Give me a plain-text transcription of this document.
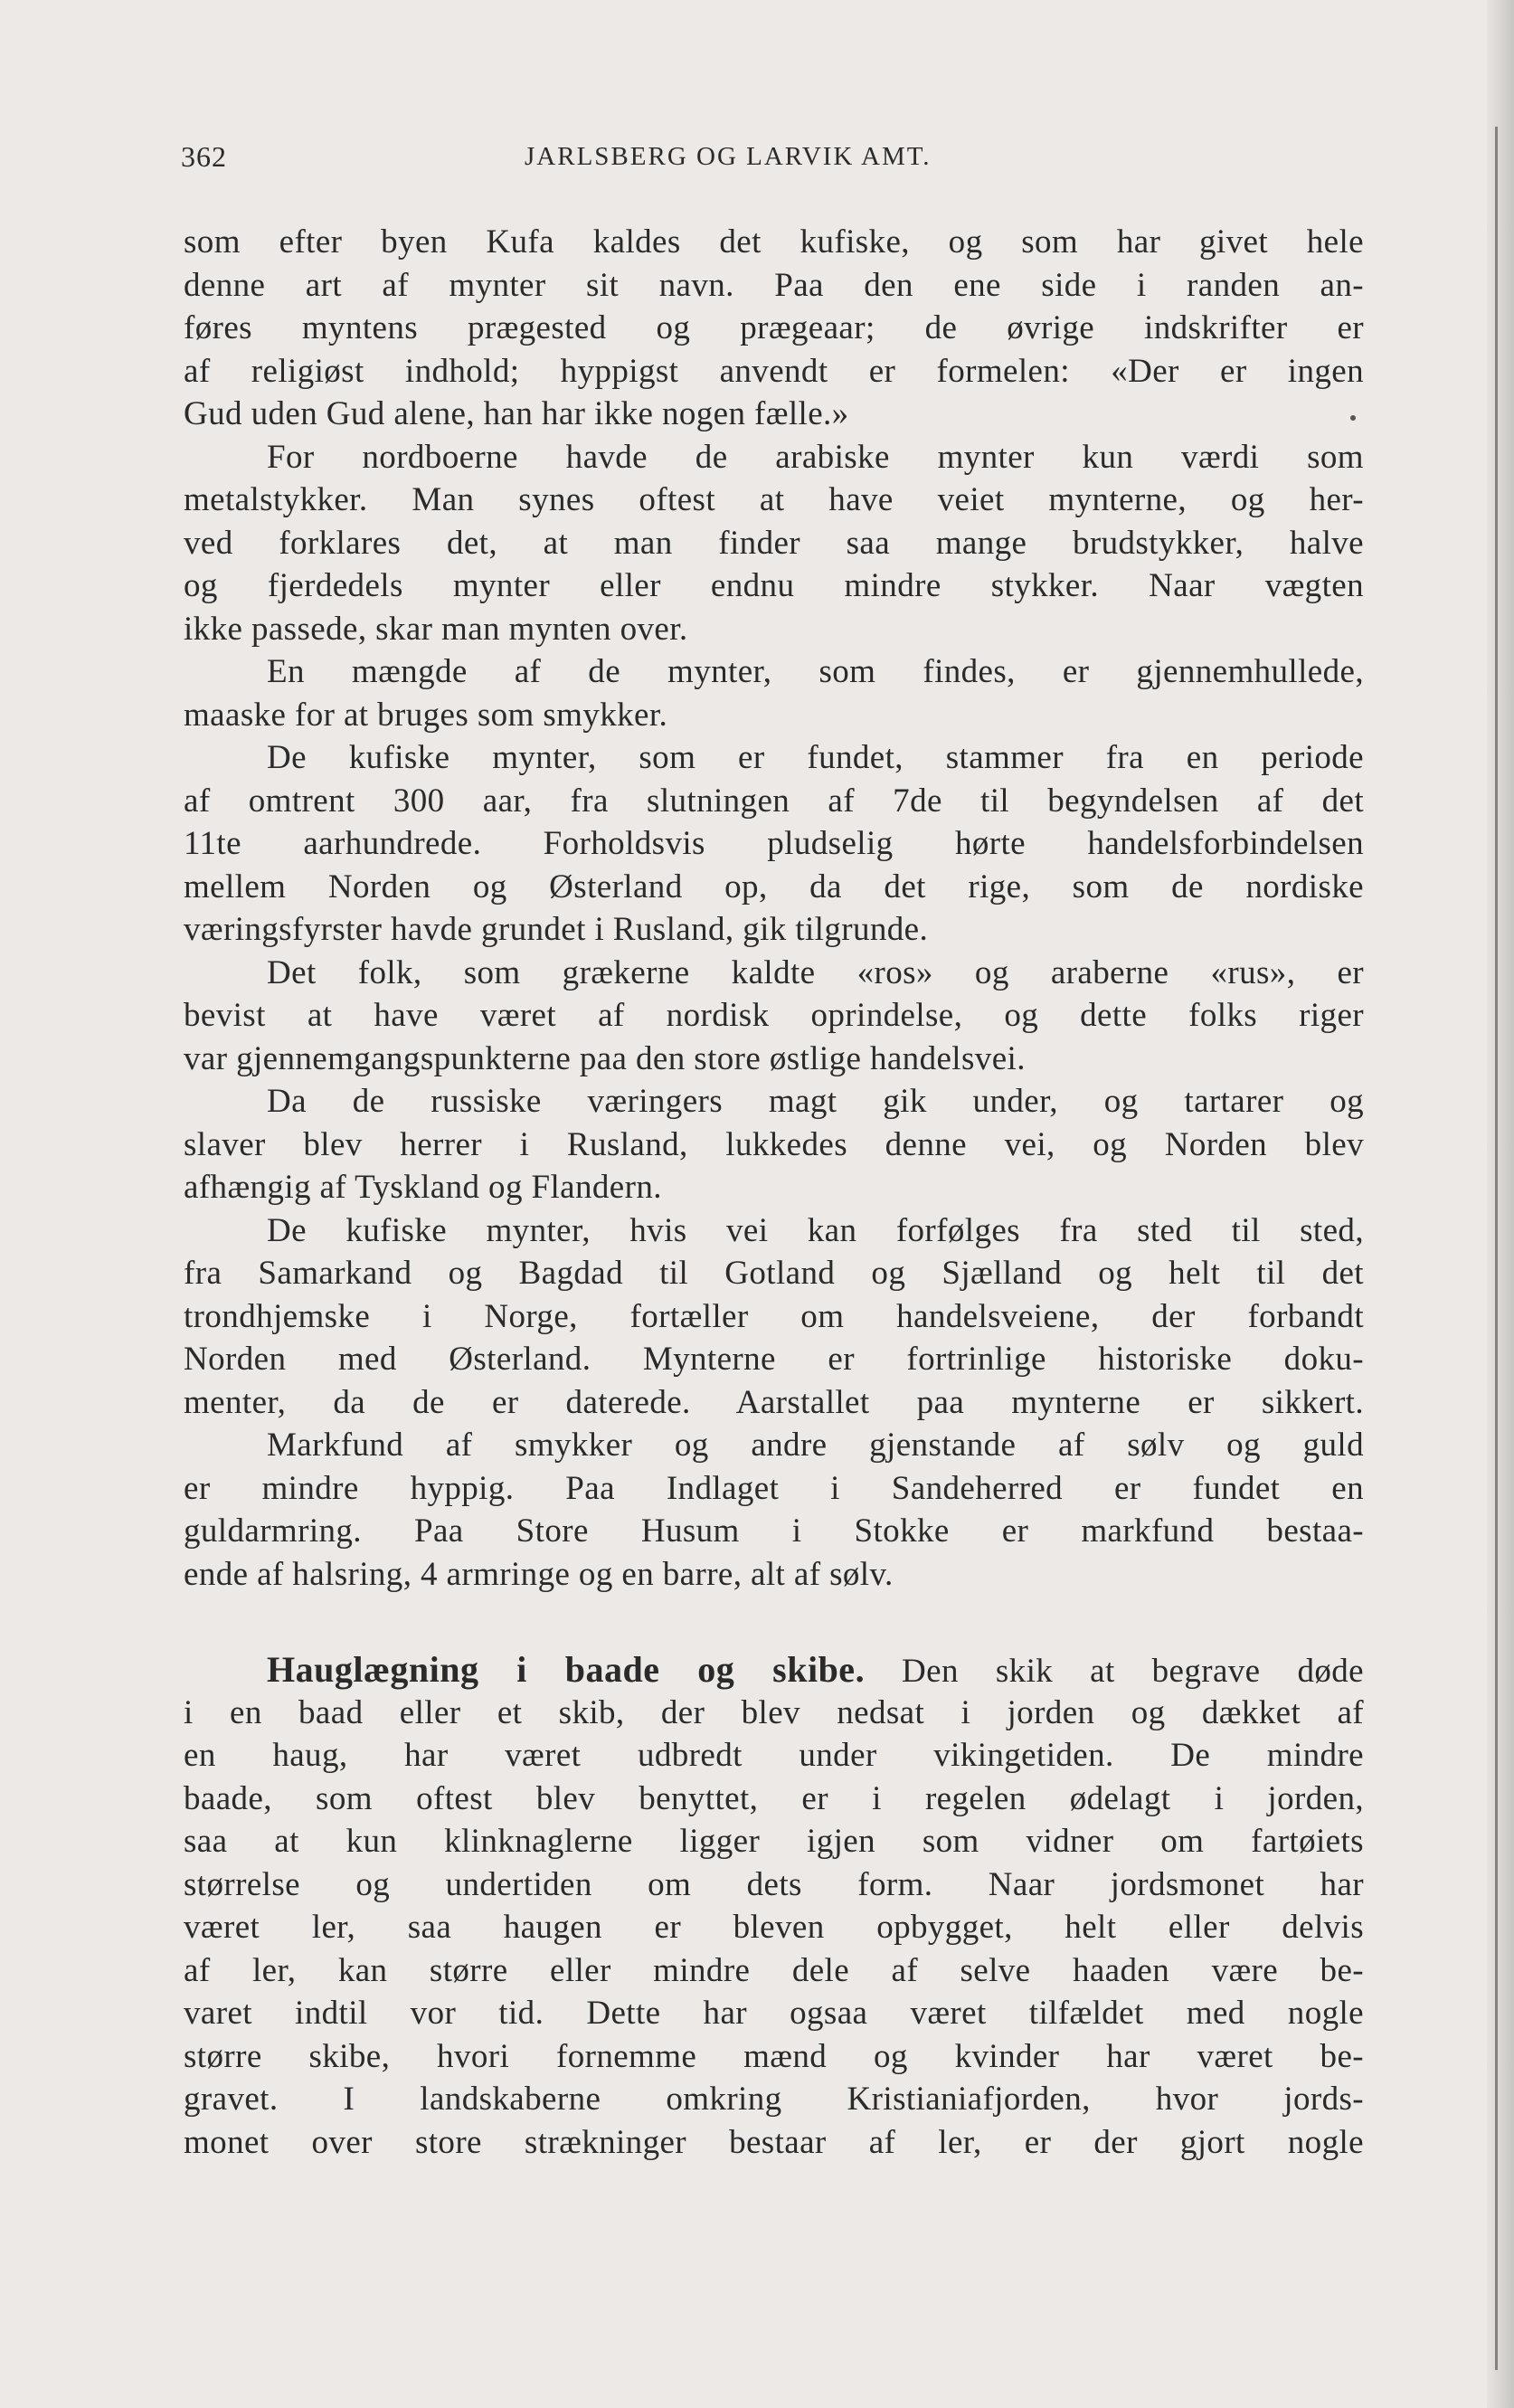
362	JARLSBERG OG LARVIK AMT.
som efter byen Kufa kaldes det kufiske, og som har givet hele
denne art af mynter sit navn. Paa den ene side i randen an-
føres myntens prægested og prægeaar; de øvrige indskrifter er
af religiøst indhold; hyppigst anvendt er formelen: «Der er ingen
Gud uden Gud alene, han har ikke nogen fælle.»
For nordboerne havde de arabiske mynter kun værdi som
metalstykker. Man synes oftest at have veiet mynterne, og her-
ved forklares det, at man finder saa mange brudstykker, halve
og fjerdedels mynter eller endnu mindre stykker. Naar vægten
ikke passede, skar man mynten over.
En mængde af de mynter, som findes, er gjennemhullede,
maaske for at bruges som smykker.
De kufiske mynter, som er fundet, stammer fra en periode
af omtrent 300 aar, fra slutningen af 7de til begyndelsen af det
11te aarhundrede. Forholdsvis pludselig hørte handelsforbindelsen
mellem Norden og Østerland op, da det rige, som de nordiske
væringsfyrster havde grundet i Rusland, gik tilgrunde.
Det folk, som grækerne kaldte «ros» og araberne «rus», er
bevist at have været af nordisk oprindelse, og dette folks riger
var gjennemgangspunkterne paa den store østlige handelsvei.
Da de russiske væringers magt gik under, og tartarer og
slaver blev herrer i Rusland, lukkedes denne vei, og Norden blev
afhængig af Tyskland og Flandern.
De kufiske mynter, hvis vei kan forfølges fra sted til sted,
fra Samarkand og Bagdad til Gotland og Sjælland og helt til det
trondhjemske i Norge, fortæller om handelsveiene, der forbandt
Norden med Østerland. Mynterne er fortrinlige historiske doku-
menter, da de er daterede. Aarstallet paa mynterne er sikkert.
Markfund af smykker og andre gjenstande af sølv og guld
er mindre hyppig. Paa Indlaget i Sandeherred er fundet en
guldarmring. Paa Store Husum i Stokke er markfund bestaa-
ende af halsring, 4 armringe og en barre, alt af sølv.
Hauglægning i baade og skibe. Den skik at begrave døde
i en baad eller et skib, der blev nedsat i jorden og dækket af
en haug, har været udbredt under vikingetiden. De mindre
baade, som oftest blev benyttet, er i regelen ødelagt i jorden,
saa at kun klinknaglerne ligger igjen som vidner om fartøiets
størrelse og undertiden om dets form. Naar jordsmonet har
været ler, saa haugen er bleven opbygget, helt eller delvis
af ler, kan større eller mindre dele af selve haaden være be-
varet indtil vor tid. Dette har ogsaa været tilfældet med nogle
større skibe, hvori fornemme mænd og kvinder har været be-
gravet. I landskaberne omkring Kristianiafjorden, hvor jords-
monet over store strækninger bestaar af ler, er der gjort nogle
